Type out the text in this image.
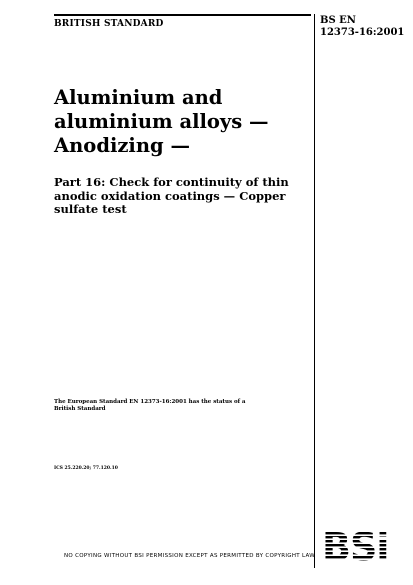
BRITISH STANDARD	BS EN
12373-16:2001
Aluminium and aluminium alloys — Anodizing —
Part 16: Check for continuity of thin anodic oxidation coatings — Copper sulfate test
The European Standard EN 12373-16:2001 has the status of a British Standard
ICS 25.220.20; 77.120.10
NO COPYING WITHOUT BSI PERMISSION EXCEPT AS PERMITTED BY COPYRIGHT LAW
